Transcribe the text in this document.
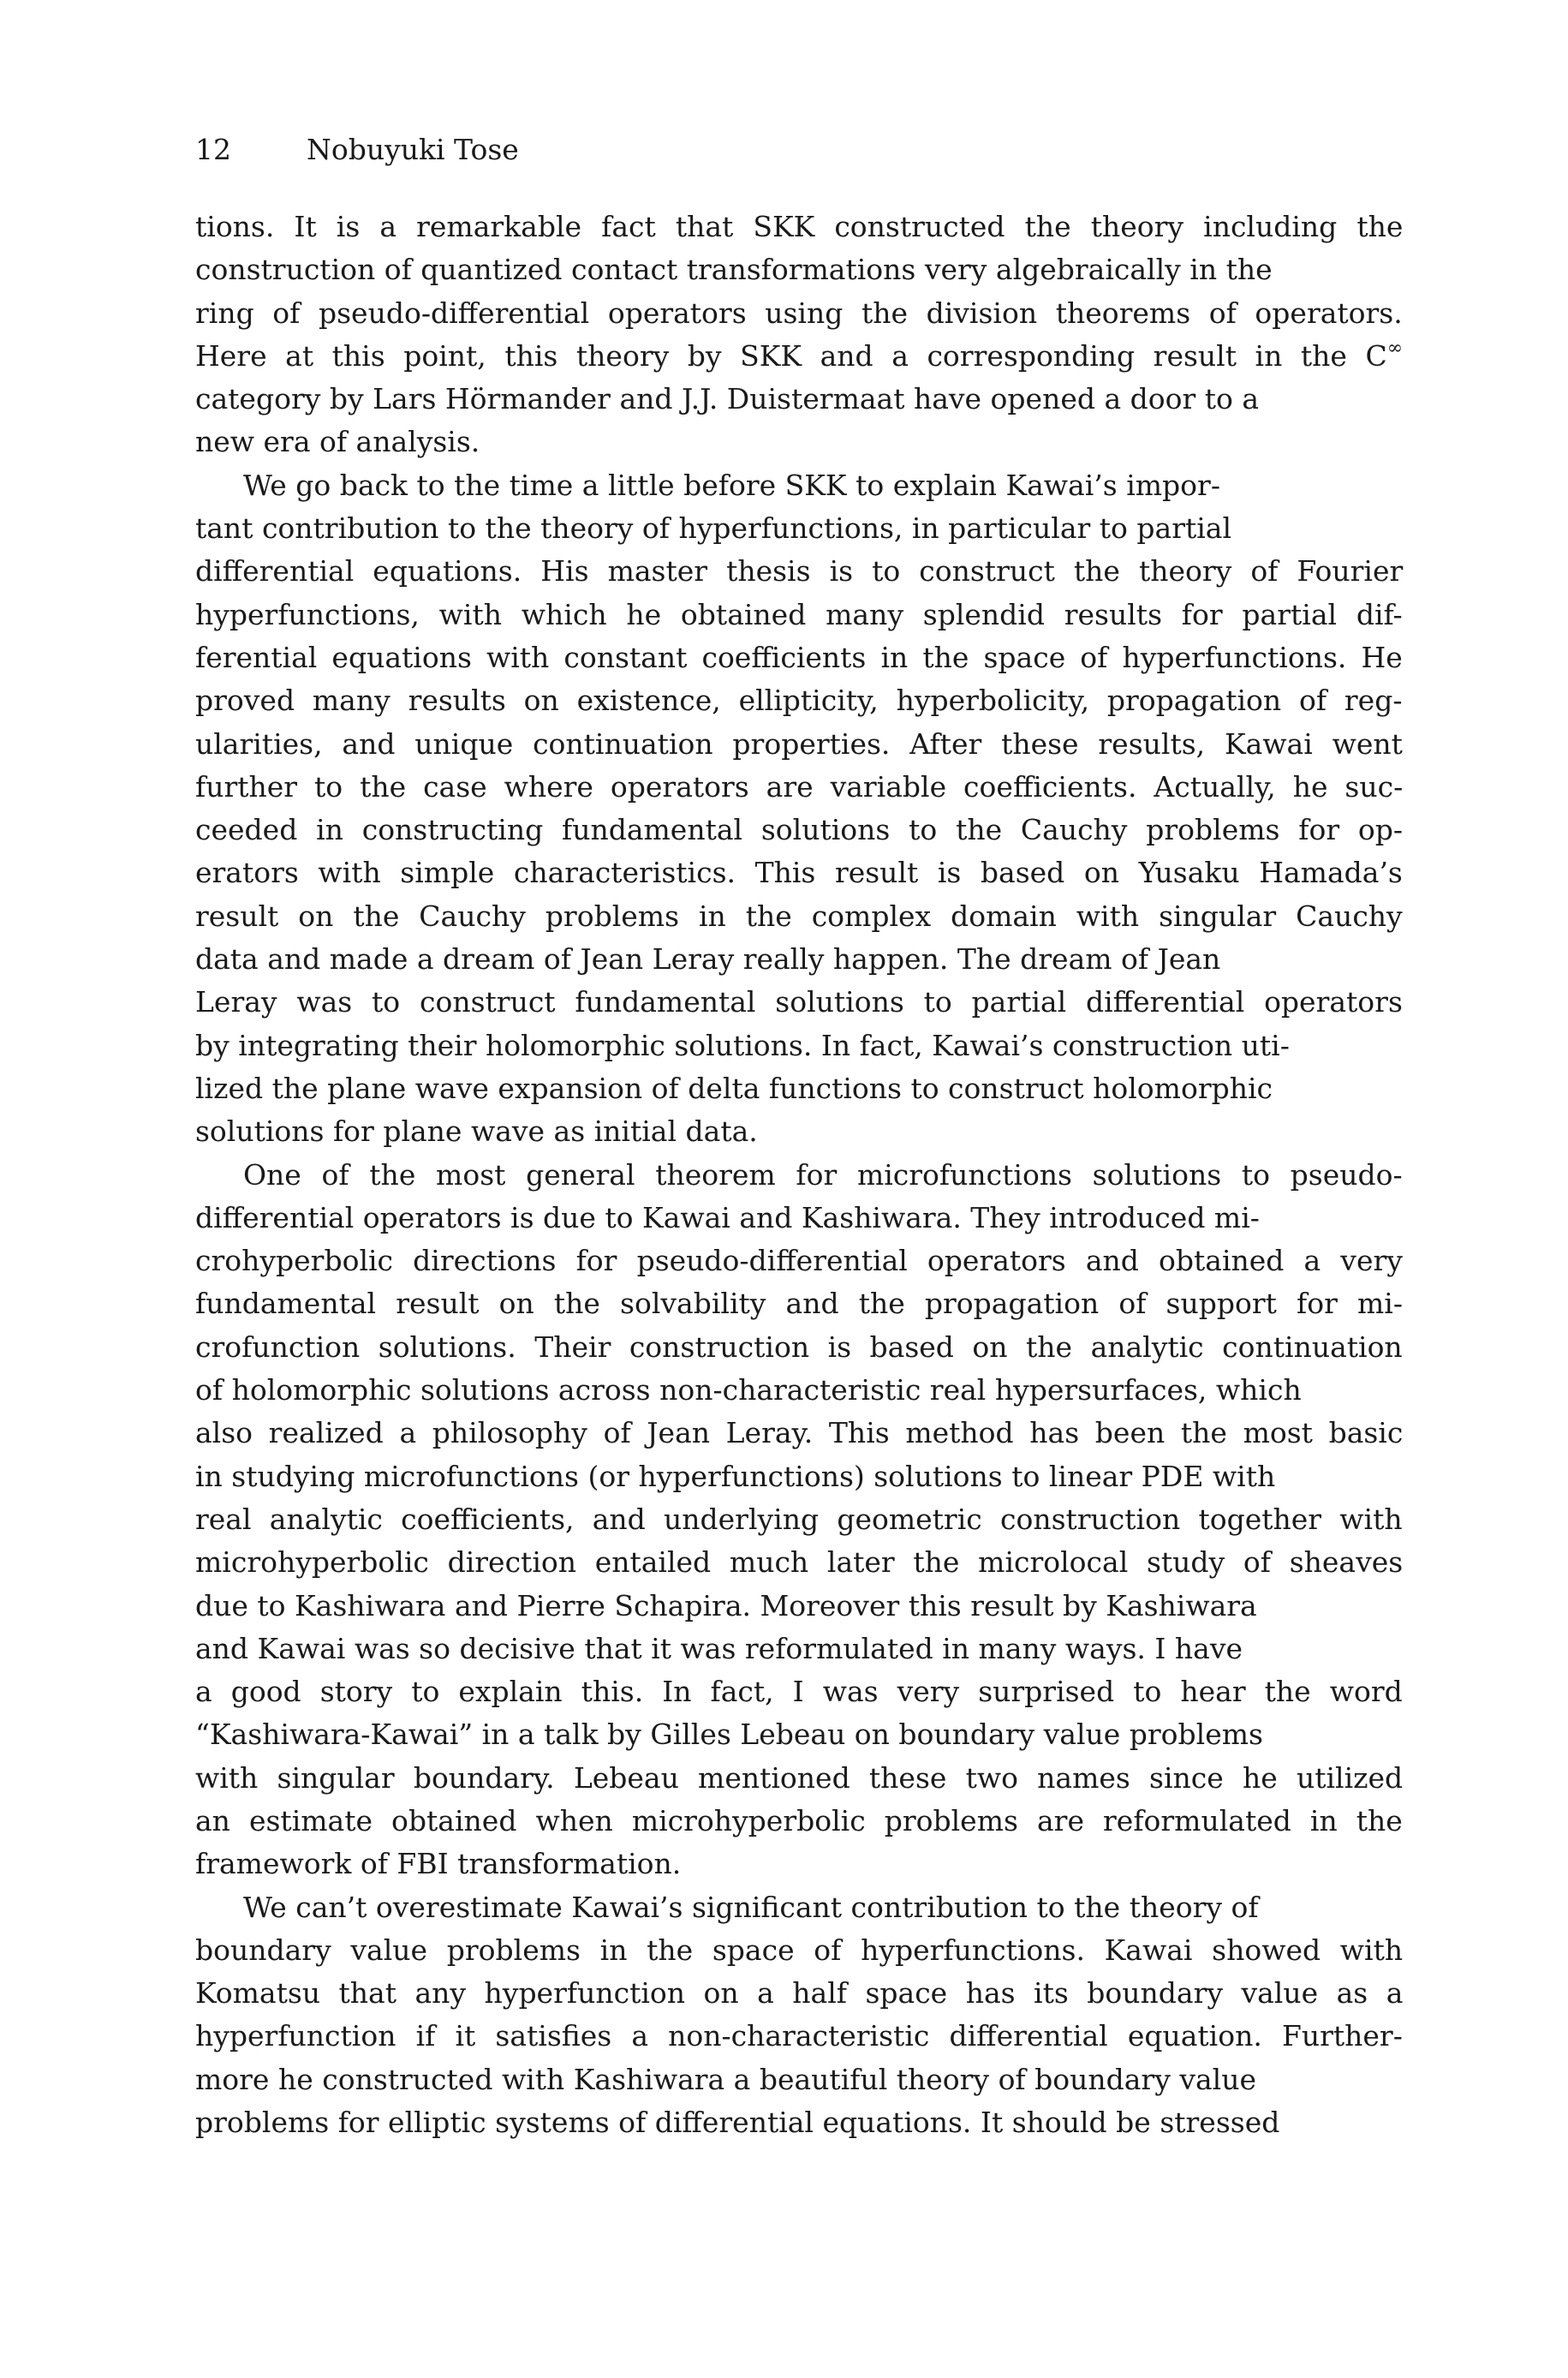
12	Nobuyuki Tose
tions. It is a remarkable fact that SKK constructed the theory including the
construction of quantized contact transformations very algebraically in the
ring of pseudo-differential operators using the division theorems of operators.
Here at this point, this theory by SKK and a corresponding result in the C∞
category by Lars Hörmander and J.J. Duistermaat have opened a door to a
new era of analysis.
We go back to the time a little before SKK to explain Kawai’s impor-
tant contribution to the theory of hyperfunctions, in particular to partial
differential equations. His master thesis is to construct the theory of Fourier
hyperfunctions, with which he obtained many splendid results for partial dif-
ferential equations with constant coefficients in the space of hyperfunctions. He
proved many results on existence, ellipticity, hyperbolicity, propagation of reg-
ularities, and unique continuation properties. After these results, Kawai went
further to the case where operators are variable coefficients. Actually, he suc-
ceeded in constructing fundamental solutions to the Cauchy problems for op-
erators with simple characteristics. This result is based on Yusaku Hamada’s
result on the Cauchy problems in the complex domain with singular Cauchy
data and made a dream of Jean Leray really happen. The dream of Jean
Leray was to construct fundamental solutions to partial differential operators
by integrating their holomorphic solutions. In fact, Kawai’s construction uti-
lized the plane wave expansion of delta functions to construct holomorphic
solutions for plane wave as initial data.
One of the most general theorem for microfunctions solutions to pseudo-
differential operators is due to Kawai and Kashiwara. They introduced mi-
crohyperbolic directions for pseudo-differential operators and obtained a very
fundamental result on the solvability and the propagation of support for mi-
crofunction solutions. Their construction is based on the analytic continuation
of holomorphic solutions across non-characteristic real hypersurfaces, which
also realized a philosophy of Jean Leray. This method has been the most basic
in studying microfunctions (or hyperfunctions) solutions to linear PDE with
real analytic coefficients, and underlying geometric construction together with
microhyperbolic direction entailed much later the microlocal study of sheaves
due to Kashiwara and Pierre Schapira. Moreover this result by Kashiwara
and Kawai was so decisive that it was reformulated in many ways. I have
a good story to explain this. In fact, I was very surprised to hear the word
“Kashiwara-Kawai” in a talk by Gilles Lebeau on boundary value problems
with singular boundary. Lebeau mentioned these two names since he utilized
an estimate obtained when microhyperbolic problems are reformulated in the
framework of FBI transformation.
We can’t overestimate Kawai’s significant contribution to the theory of
boundary value problems in the space of hyperfunctions. Kawai showed with
Komatsu that any hyperfunction on a half space has its boundary value as a
hyperfunction if it satisfies a non-characteristic differential equation. Further-
more he constructed with Kashiwara a beautiful theory of boundary value
problems for elliptic systems of differential equations. It should be stressed
